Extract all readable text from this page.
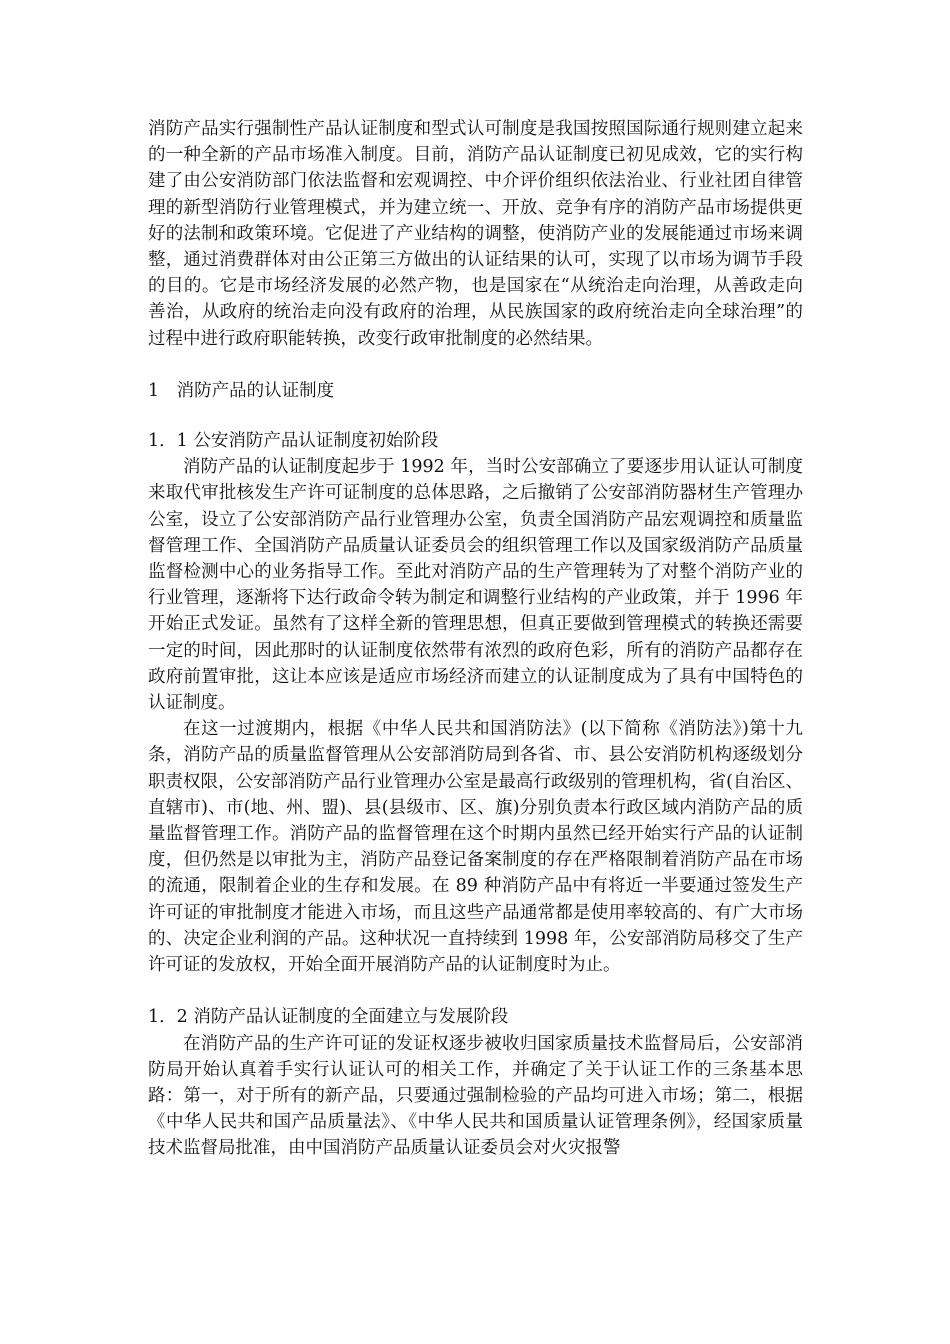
消防产品实行强制性产品认证制度和型式认可制度是我国按照国际通行规则建立起来的一种全新的产品市场准入制度。目前，消防产品认证制度已初见成效，它的实行构建了由公安消防部门依法监督和宏观调控、中介评价组织依法治业、行业社团自律管理的新型消防行业管理模式，并为建立统一、开放、竞争有序的消防产品市场提供更好的法制和政策环境。它促进了产业结构的调整，使消防产业的发展能通过市场来调整，通过消费群体对由公正第三方做出的认证结果的认可，实现了以市场为调节手段的目的。它是市场经济发展的必然产物，也是国家在“从统治走向治理，从善政走向善治，从政府的统治走向没有政府的治理，从民族国家的政府统治走向全球治理”的过程中进行政府职能转换，改变行政审批制度的必然结果。

1　消防产品的认证制度

1．1 公安消防产品认证制度初始阶段

消防产品的认证制度起步于 1992 年，当时公安部确立了要逐步用认证认可制度来取代审批核发生产许可证制度的总体思路，之后撤销了公安部消防器材生产管理办公室，设立了公安部消防产品行业管理办公室，负责全国消防产品宏观调控和质量监督管理工作、全国消防产品质量认证委员会的组织管理工作以及国家级消防产品质量监督检测中心的业务指导工作。至此对消防产品的生产管理转为了对整个消防产业的行业管理，逐渐将下达行政命令转为制定和调整行业结构的产业政策，并于 1996 年开始正式发证。虽然有了这样全新的管理思想，但真正要做到管理模式的转换还需要一定的时间，因此那时的认证制度依然带有浓烈的政府色彩，所有的消防产品都存在政府前置审批，这让本应该是适应市场经济而建立的认证制度成为了具有中国特色的认证制度。

在这一过渡期内，根据《中华人民共和国消防法》(以下简称《消防法》)第十九条，消防产品的质量监督管理从公安部消防局到各省、市、县公安消防机构逐级划分职责权限，公安部消防产品行业管理办公室是最高行政级别的管理机构，省(自治区、直辖市)、市(地、州、盟)、县(县级市、区、旗)分别负责本行政区域内消防产品的质量监督管理工作。消防产品的监督管理在这个时期内虽然已经开始实行产品的认证制度，但仍然是以审批为主，消防产品登记备案制度的存在严格限制着消防产品在市场的流通，限制着企业的生存和发展。在 89 种消防产品中有将近一半要通过签发生产许可证的审批制度才能进入市场，而且这些产品通常都是使用率较高的、有广大市场的、决定企业利润的产品。这种状况一直持续到 1998 年，公安部消防局移交了生产许可证的发放权，开始全面开展消防产品的认证制度时为止。

1．2 消防产品认证制度的全面建立与发展阶段

在消防产品的生产许可证的发证权逐步被收归国家质量技术监督局后，公安部消防局开始认真着手实行认证认可的相关工作，并确定了关于认证工作的三条基本思路：第一，对于所有的新产品，只要通过强制检验的产品均可进入市场；第二，根据《中华人民共和国产品质量法》、《中华人民共和国质量认证管理条例》，经国家质量技术监督局批准，由中国消防产品质量认证委员会对火灾报警
